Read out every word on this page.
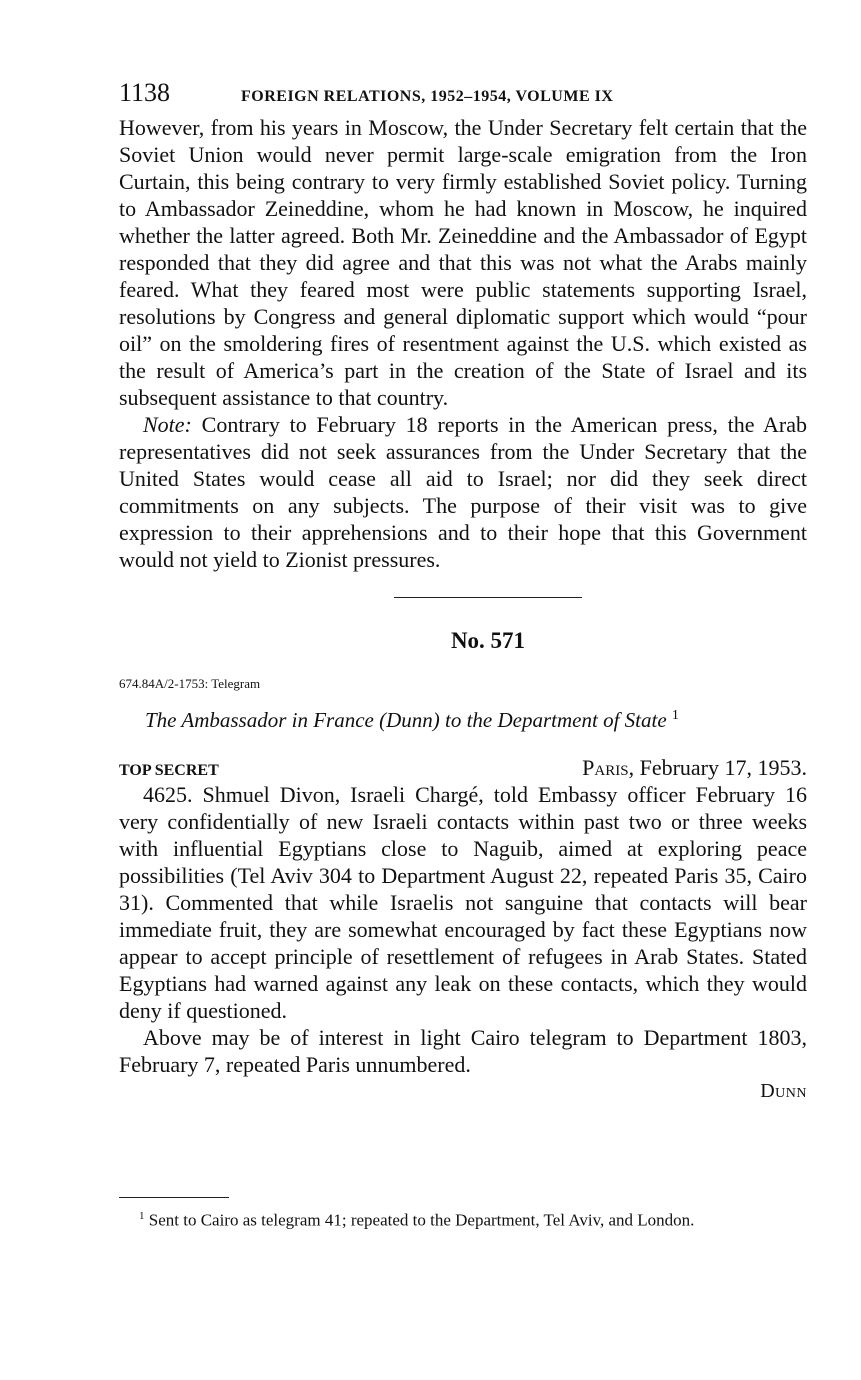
1138	FOREIGN RELATIONS, 1952–1954, VOLUME IX

However, from his years in Moscow, the Under Secretary felt certain that the Soviet Union would never permit large-scale emigration from the Iron Curtain, this being contrary to very firmly established Soviet policy. Turning to Ambassador Zeineddine, whom he had known in Moscow, he inquired whether the latter agreed. Both Mr. Zeineddine and the Ambassador of Egypt responded that they did agree and that this was not what the Arabs mainly feared. What they feared most were public statements supporting Israel, resolutions by Congress and general diplomatic support which would “pour oil” on the smoldering fires of resentment against the U.S. which existed as the result of America’s part in the creation of the State of Israel and its subsequent assistance to that country.

Note: Contrary to February 18 reports in the American press, the Arab representatives did not seek assurances from the Under Secretary that the United States would cease all aid to Israel; nor did they seek direct commitments on any subjects. The purpose of their visit was to give expression to their apprehensions and to their hope that this Government would not yield to Zionist pressures.

No. 571
674.84A/2-1753: Telegram
The Ambassador in France (Dunn) to the Department of State $^1$
TOP SECRET	Paris, February 17, 1953.

4625. Shmuel Divon, Israeli Chargé, told Embassy officer February 16 very confidentially of new Israeli contacts within past two or three weeks with influential Egyptians close to Naguib, aimed at exploring peace possibilities (Tel Aviv 304 to Department August 22, repeated Paris 35, Cairo 31). Commented that while Israelis not sanguine that contacts will bear immediate fruit, they are somewhat encouraged by fact these Egyptians now appear to accept principle of resettlement of refugees in Arab States. Stated Egyptians had warned against any leak on these contacts, which they would deny if questioned.

Above may be of interest in light Cairo telegram to Department 1803, February 7, repeated Paris unnumbered.

Dunn
$^1$ Sent to Cairo as telegram 41; repeated to the Department, Tel Aviv, and London.
